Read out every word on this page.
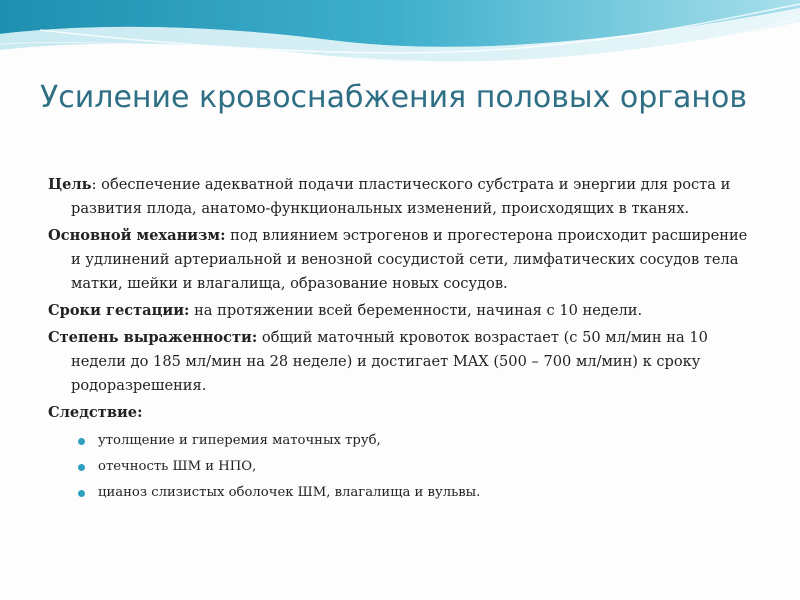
Усиление кровоснабжения половых органов

Цель: обеспечение адекватной подачи пластического субстрата и энергии для роста и развития плода, анатомо-функциональных изменений, происходящих в тканях.

Основной механизм: под влиянием эстрогенов и прогестерона происходит расширение и удлинений артериальной и венозной сосудистой сети, лимфатических сосудов тела матки, шейки и влагалища, образование новых сосудов.

Сроки гестации: на протяжении всей беременности, начиная с 10 недели.

Степень выраженности: общий маточный кровоток возрастает (с 50 мл/мин на 10 недели до 185 мл/мин на 28 неделе) и достигает MAX (500 – 700 мл/мин) к сроку родоразрешения.

Следствие:

утолщение и гиперемия маточных труб,
отечность ШМ и НПО,
цианоз слизистых оболочек ШМ, влагалища и вульвы.
